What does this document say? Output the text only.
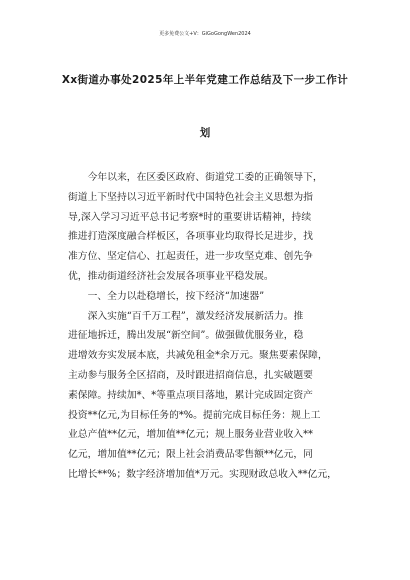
更多免费公文+V：GiGoGongWen2024
Xx街道办事处2025年上半年党建工作总结及下一步工作计
划

今年以来，在区委区政府、街道党工委的正确领导下，
街道上下坚持以习近平新时代中国特色社会主义思想为指
导,深入学习习近平总书记考察*时的重要讲话精神，持续
推进打造深度融合样板区，各项事业均取得长足进步，找
准方位、坚定信心、扛起责任，进一步攻坚克难、创先争
优，推动街道经济社会发展各项事业平稳发展。

一、全力以赴稳增长，按下经济“加速器”

深入实施“百千万工程”，激发经济发展新活力。推
进征地拆迁，腾出发展“新空间”。做强做优服务业，稳
进增效夯实发展本底，共减免租金*余万元。聚焦要素保障，
主动参与服务全区招商，及时跟进招商信息，扎实破题要
素保障。持续加*、*等重点项目落地，累计完成固定资产
投资**亿元,为目标任务的*%。提前完成目标任务：规上工
业总产值**亿元，增加值**亿元；规上服务业营业收入**
亿元，增加值**亿元；限上社会消费品零售额**亿元，同
比增长**%；数字经济增加值*万元。实现财政总收入**亿元，
